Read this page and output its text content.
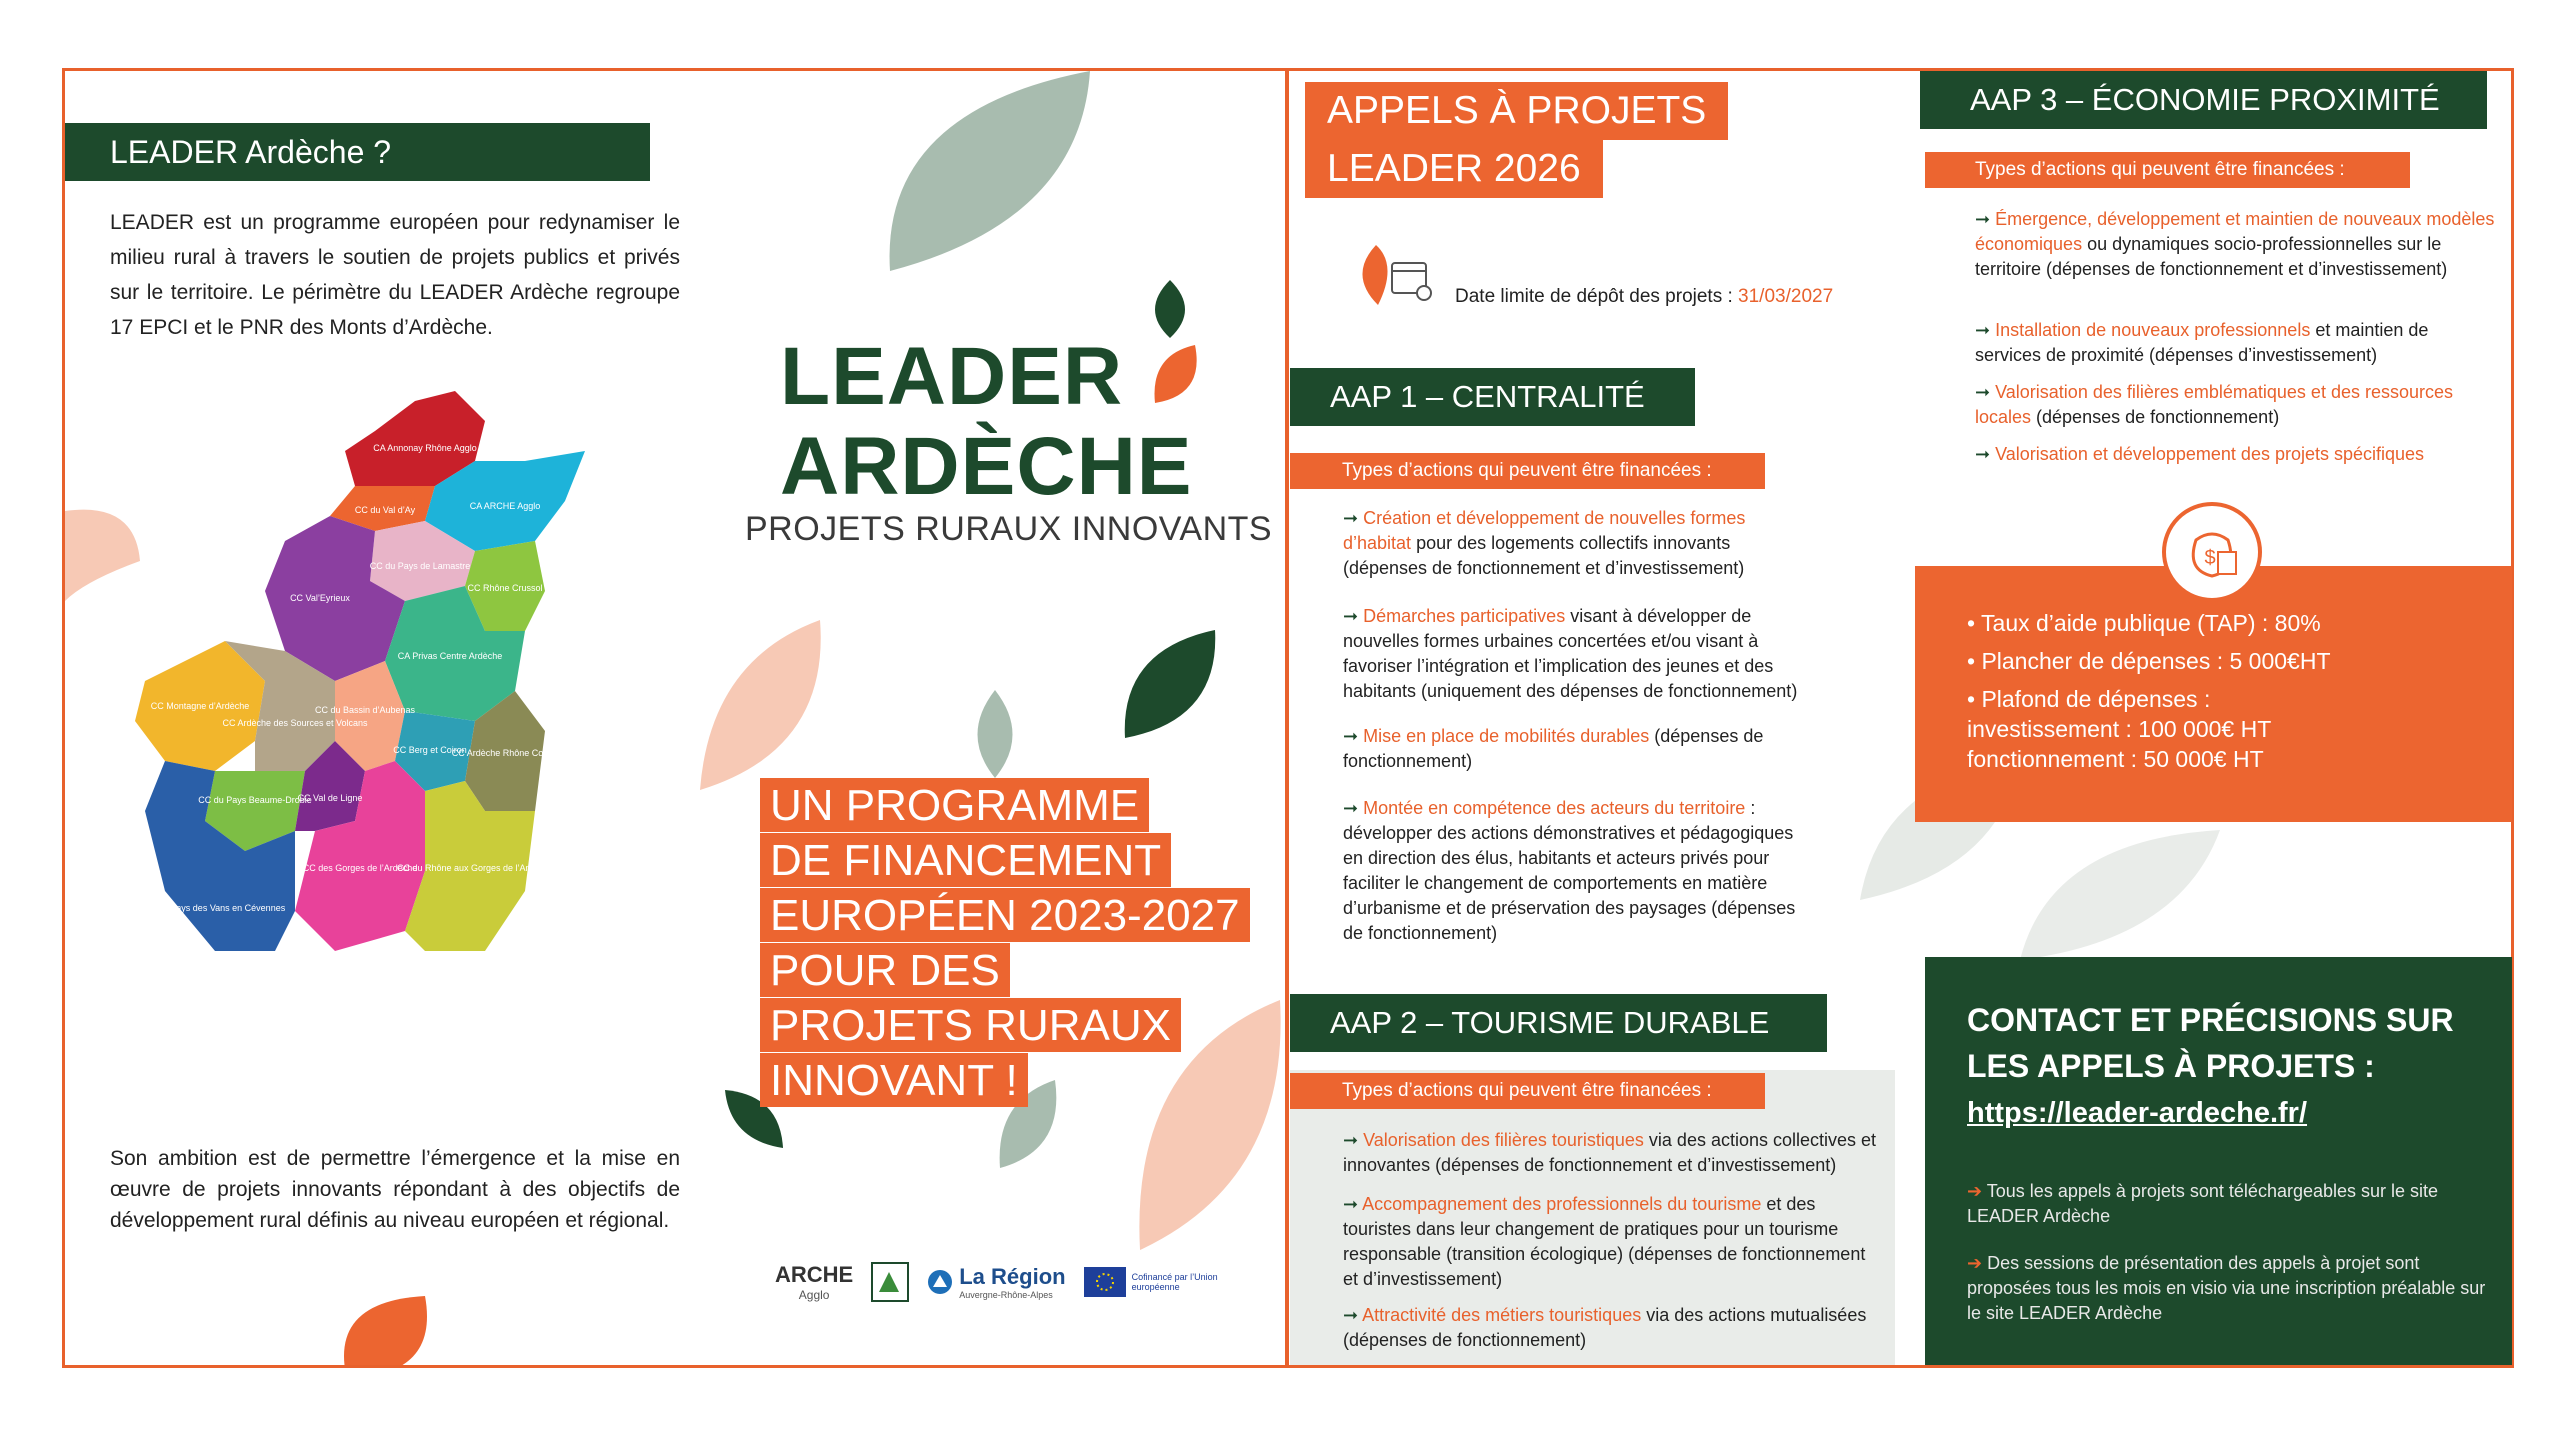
LEADER Ardèche ?
LEADER est un programme européen pour redynamiser le milieu rural à travers le soutien de projets publics et privés sur le territoire. Le périmètre du LEADER Ardèche regroupe 17 EPCI et le PNR des Monts d’Ardèche.
Son ambition est de permettre l’émergence et la mise en œuvre de projets innovants répondant à des objectifs de développement rural définis au niveau européen et régional.
CA Annonay Rhône Agglo
CC du Val d’Ay	CA ARCHE Agglo
CC du Pays de Lamastre
CC Val’Eyrieux
CC Rhône Crussol
CA Privas Centre Ardèche
CC Montagne d’Ardèche	CC du Bassin d’Aubenas
CC Ardèche des Sources et Volcans
CC Berg et Coiron
CC Ardèche Rhône Coiron
CC du Pays Beaume-Drobie
CC Val de Ligne
CC des Gorges de l’Ardèche
CC du Rhône aux Gorges de l’Ardèche
CC Pays des Vans en Cévennes
LEADER
ARDÈCHE
PROJETS RURAUX INNOVANTS
UN PROGRAMME
DE FINANCEMENT
EUROPÉEN 2023-2027
POUR DES
PROJETS RURAUX
INNOVANT !
ARCHE
Agglo
La Région
Auvergne-Rhône-Alpes
Cofinancé par l’Union européenne
APPELS À PROJETS
LEADER 2026
Date limite de dépôt des projets : 31/03/2027
AAP 1 – CENTRALITÉ
Types d’actions qui peuvent être financées :
➞ Création et développement de nouvelles formes d’habitat pour des logements collectifs innovants (dépenses de fonctionnement et d’investissement)
➞ Démarches participatives visant à développer de nouvelles formes urbaines concertées et/ou visant à favoriser l’intégration et l’implication des jeunes et des habitants (uniquement des dépenses de fonctionnement)
➞ Mise en place de mobilités durables (dépenses de fonctionnement)
➞ Montée en compétence des acteurs du territoire : développer des actions démonstratives et pédagogiques en direction des élus, habitants et acteurs privés pour faciliter le changement de comportements en matière d’urbanisme et de préservation des paysages (dépenses de fonctionnement)
AAP 2 – TOURISME DURABLE
Types d’actions qui peuvent être financées :
➞ Valorisation des filières touristiques via des actions collectives et innovantes (dépenses de fonctionnement et d’investissement)
➞ Accompagnement des professionnels du tourisme et des touristes dans leur changement de pratiques pour un tourisme responsable (transition écologique) (dépenses de fonctionnement et d’investissement)
➞ Attractivité des métiers touristiques via des actions mutualisées (dépenses de fonctionnement)
AAP 3 – ÉCONOMIE PROXIMITÉ
Types d’actions qui peuvent être financées :
➞ Émergence, développement et maintien de nouveaux modèles économiques ou dynamiques socio-professionnelles sur le territoire (dépenses de fonctionnement et d’investissement)
➞ Installation de nouveaux professionnels et maintien de services de proximité (dépenses d’investissement)
➞ Valorisation des filières emblématiques et des ressources locales (dépenses de fonctionnement)
➞ Valorisation et développement des projets spécifiques
• Taux d’aide publique (TAP) : 80%
• Plancher de dépenses : 5 000€HT
• Plafond de dépenses :
investissement : 100 000€ HT
fonctionnement : 50 000€ HT
$
CONTACT ET PRÉCISIONS SUR
LES APPELS À PROJETS :
https://leader-ardeche.fr/
➔ Tous les appels à projets sont téléchargeables sur le site LEADER Ardèche
➔ Des sessions de présentation des appels à projet sont proposées tous les mois en visio via une inscription préalable sur le site LEADER Ardèche
